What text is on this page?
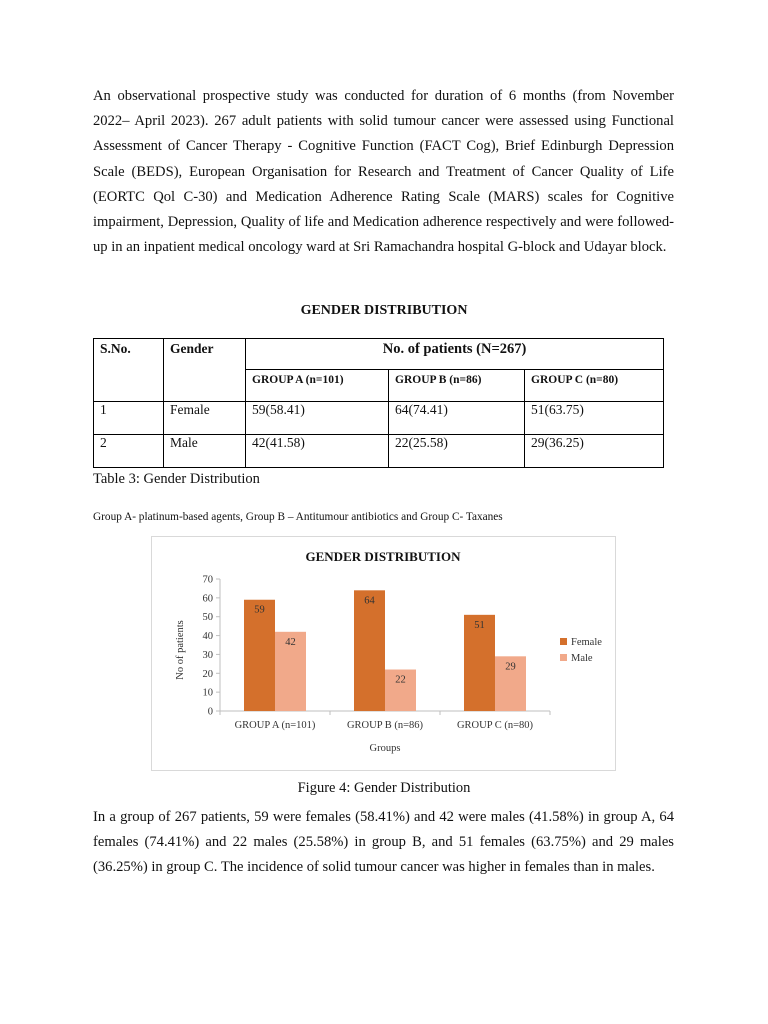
An observational prospective study was conducted for duration of 6 months (from November 2022– April 2023). 267 adult patients with solid tumour cancer were assessed using Functional Assessment of Cancer Therapy - Cognitive Function (FACT Cog), Brief Edinburgh Depression Scale (BEDS), European Organisation for Research and Treatment of Cancer Quality of Life (EORTC Qol C-30) and Medication Adherence Rating Scale (MARS) scales for Cognitive impairment, Depression, Quality of life and Medication adherence respectively and were followed-up in an inpatient medical oncology ward at Sri Ramachandra hospital G-block and Udayar block.

GENDER DISTRIBUTION
S.No.	Gender	No. of patients (N=267)		
		GROUP A (n=101)	GROUP B (n=86)	GROUP C (n=80)
1	Female	59(58.41)	64(74.41)	51(63.75)
2	Male	42(41.58)	22(25.58)	29(36.25)

Table 3: Gender Distribution

Group A- platinum-based agents, Group B – Antitumour antibiotics and Group C- Taxanes

GENDER DISTRIBUTION
0
10
20
30
40
50
60
70
59
42
GROUP A (n=101)
64
22
GROUP B (n=86)
51
29
GROUP C (n=80)
Groups
No of patients	Female
Male

Figure 4: Gender Distribution

In a group of 267 patients, 59 were females (58.41%) and 42 were males (41.58%) in group A, 64 females (74.41%) and 22 males (25.58%) in group B, and 51 females (63.75%) and 29 males (36.25%) in group C. The incidence of solid tumour cancer was higher in females than in males.
